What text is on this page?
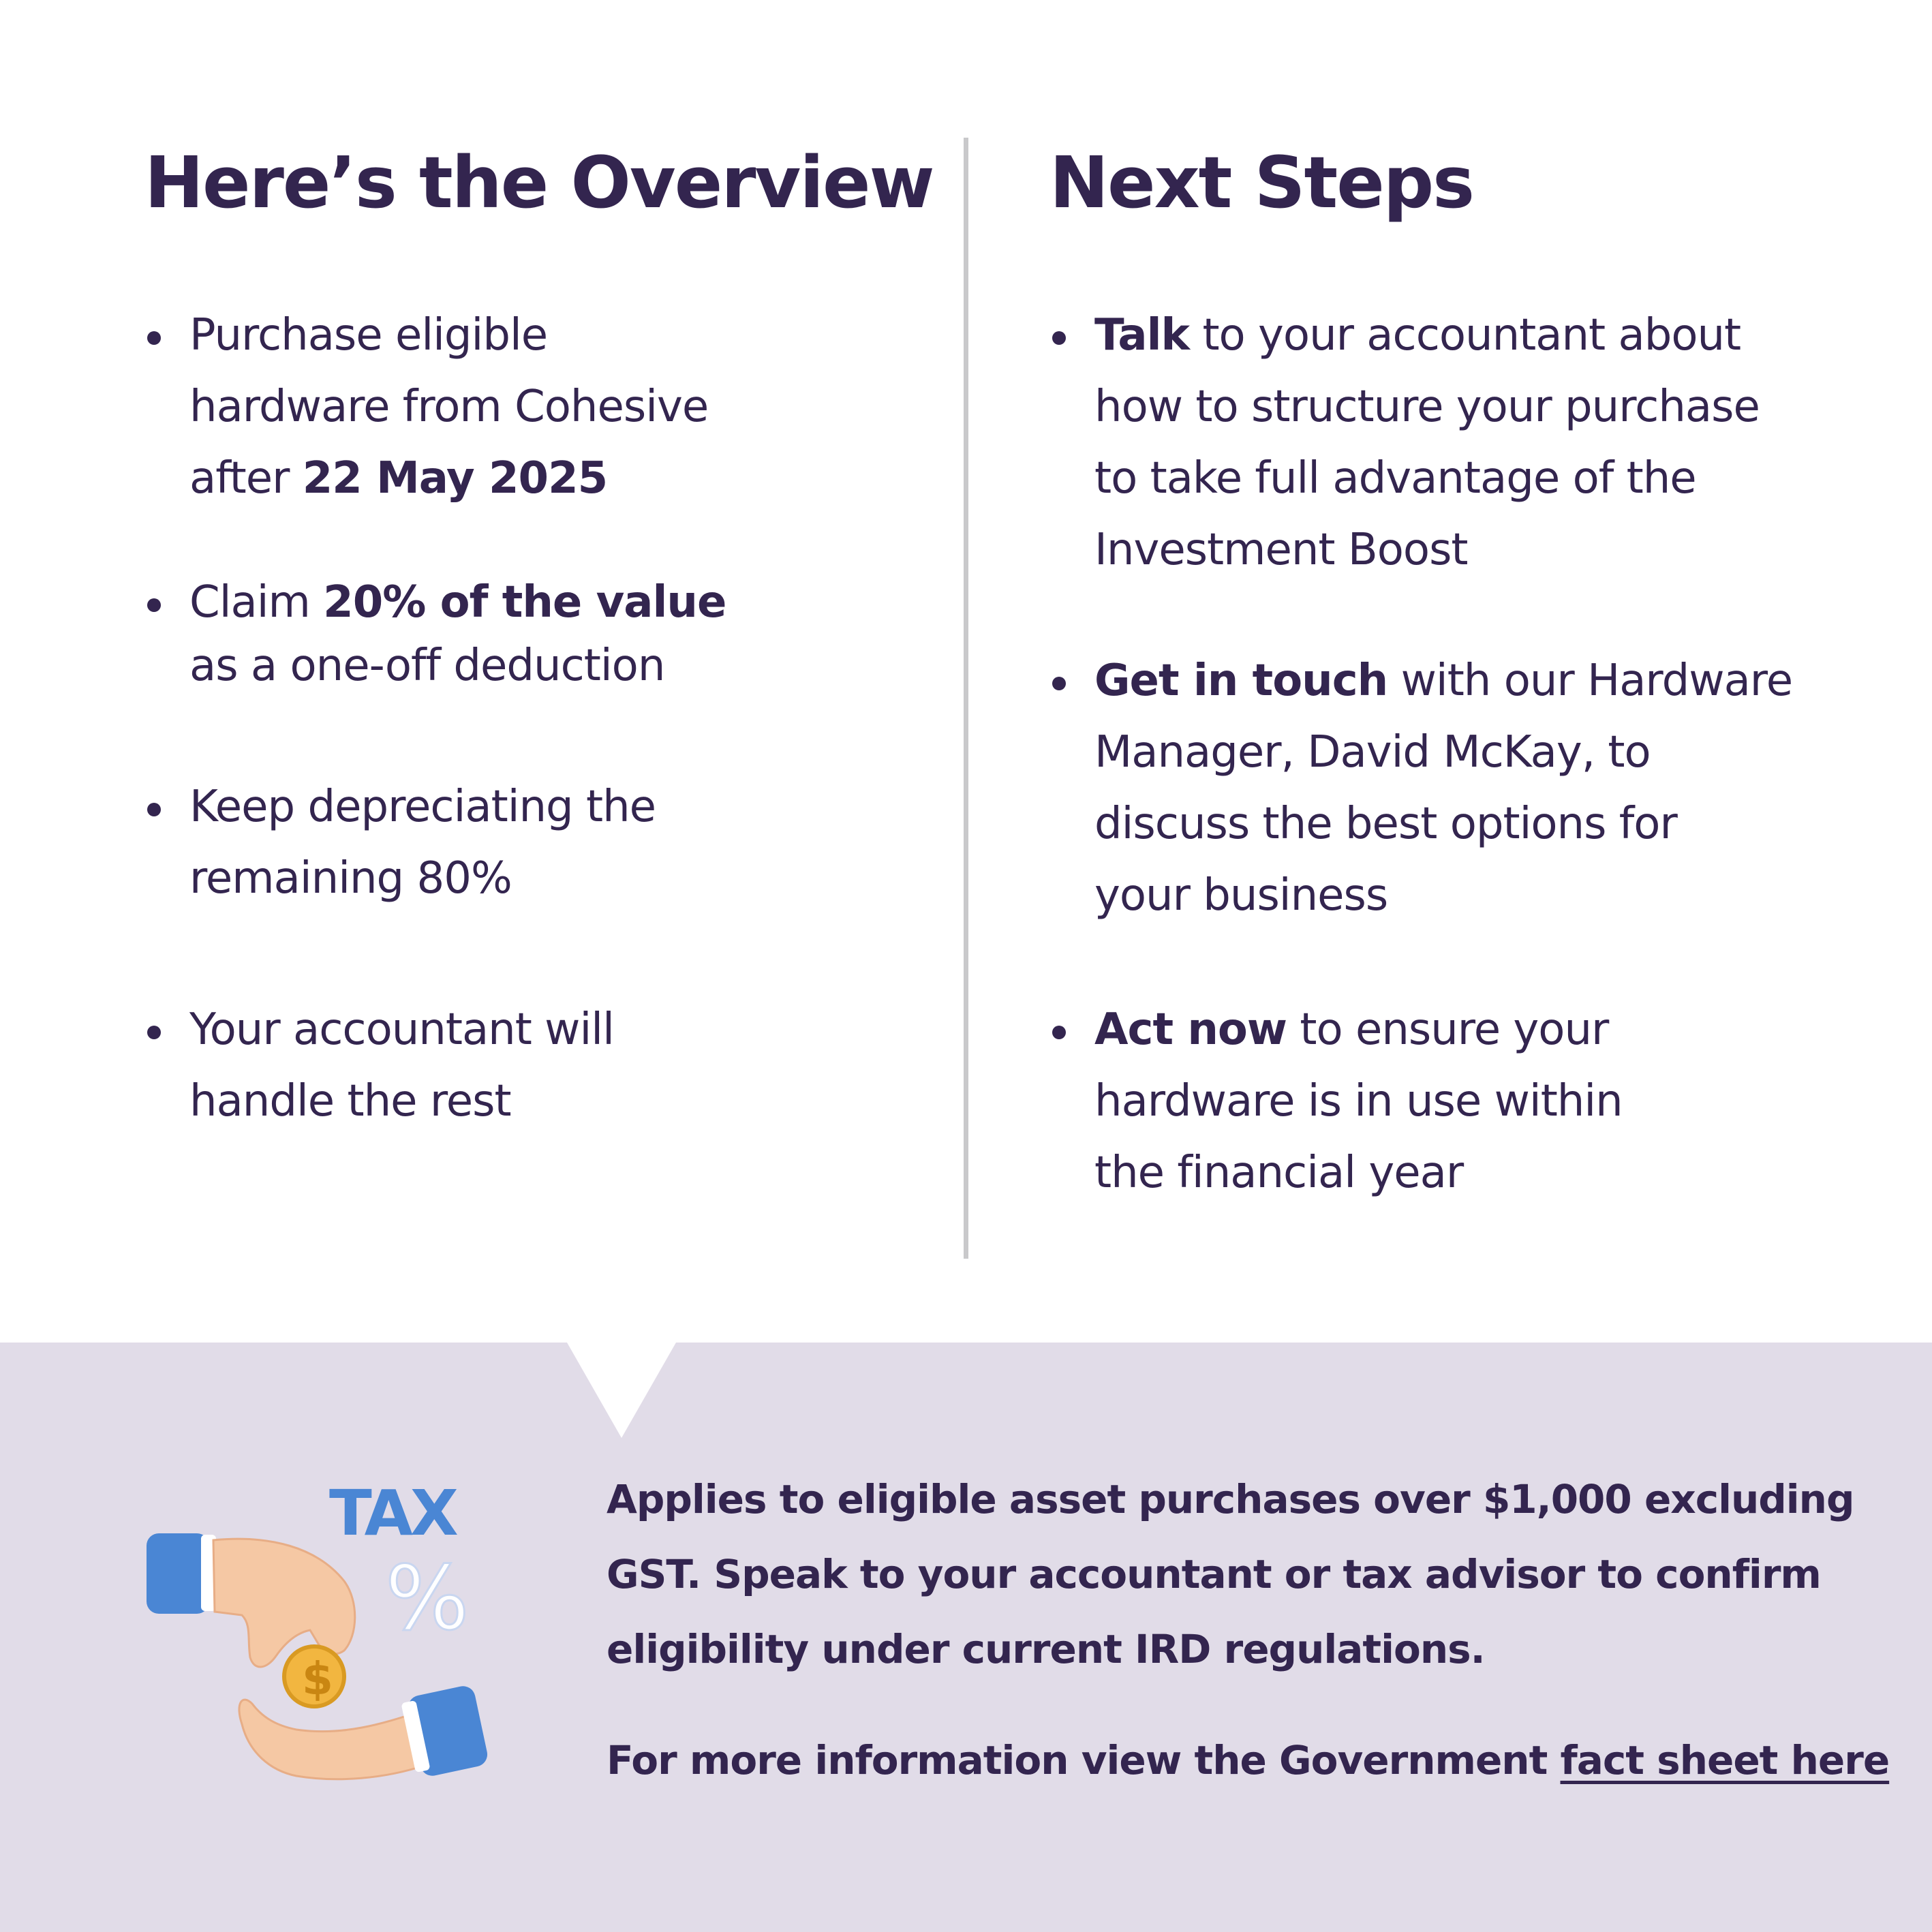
Here’s the Overview
Purchase eligible
hardware from Cohesive
after 22 May 2025
Claim 20% of the value
as a one-off deduction
Keep depreciating the
remaining 80%
Your accountant will
handle the rest
Next Steps
Talk to your accountant about
how to structure your purchase
to take full advantage of the
Investment Boost
Get in touch with our Hardware
Manager, David McKay, to
discuss the best options for
your business
Act now to ensure your
hardware is in use within
the financial year
TAX
%
$
Applies to eligible asset purchases over $1,000 excluding
GST. Speak to your accountant or tax advisor to confirm
eligibility under current IRD regulations.
For more information view the Government fact sheet here
